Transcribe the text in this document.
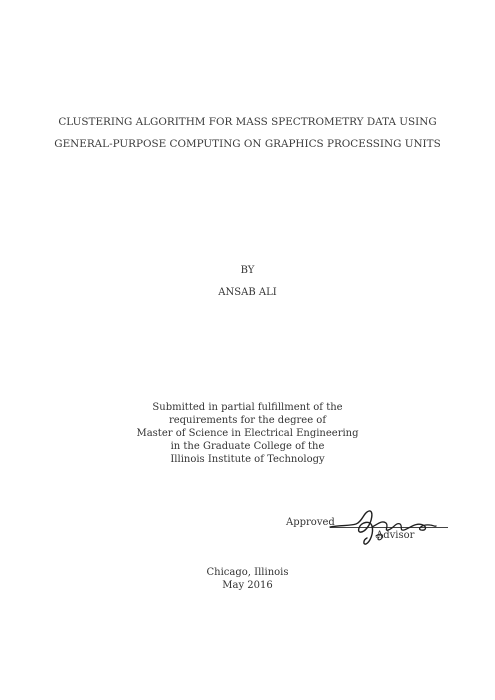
CLUSTERING ALGORITHM FOR MASS SPECTROMETRY DATA USING
GENERAL-PURPOSE COMPUTING ON GRAPHICS PROCESSING UNITS
BY
ANSAB ALI
Submitted in partial fulfillment of the
requirements for the degree of
Master of Science in Electrical Engineering
in the Graduate College of the
Illinois Institute of Technology
Approved
Advisor
Chicago, Illinois
May 2016
